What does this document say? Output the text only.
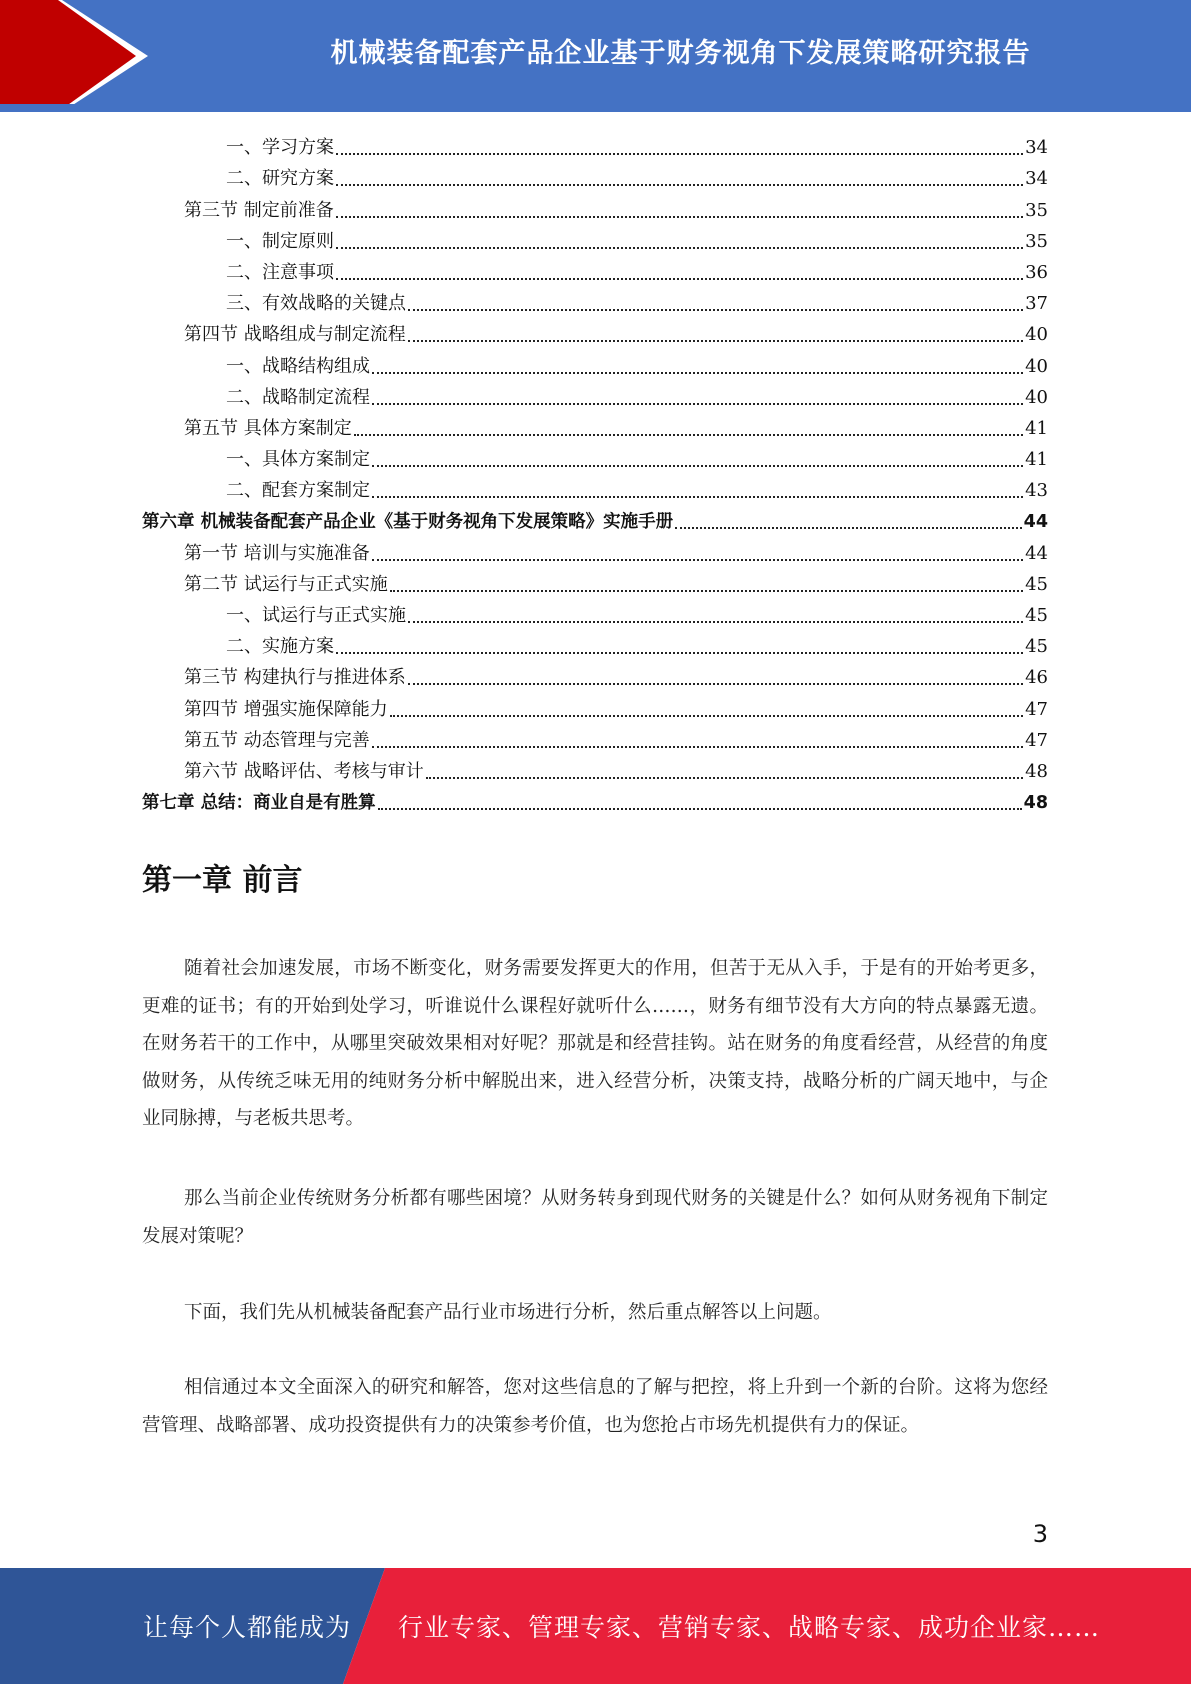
机械装备配套产品企业基于财务视角下发展策略研究报告
一、学习方案	34
二、研究方案	34
第三节 制定前准备	35
一、制定原则	35
二、注意事项	36
三、有效战略的关键点	37
第四节 战略组成与制定流程	40
一、战略结构组成	40
二、战略制定流程	40
第五节 具体方案制定	41
一、具体方案制定	41
二、配套方案制定	43
第六章 机械装备配套产品企业《基于财务视角下发展策略》实施手册	44
第一节 培训与实施准备	44
第二节 试运行与正式实施	45
一、试运行与正式实施	45
二、实施方案	45
第三节 构建执行与推进体系	46
第四节 增强实施保障能力	47
第五节 动态管理与完善	47
第六节 战略评估、考核与审计	48
第七章 总结：商业自是有胜算	48
第一章 前言
随着社会加速发展，市场不断变化，财务需要发挥更大的作用，但苦于无从入手，于是有的开始考更多，更难的证书；有的开始到处学习，听谁说什么课程好就听什么……，财务有细节没有大方向的特点暴露无遗。在财务若干的工作中，从哪里突破效果相对好呢？那就是和经营挂钩。站在财务的角度看经营，从经营的角度做财务，从传统乏味无用的纯财务分析中解脱出来，进入经营分析，决策支持，战略分析的广阔天地中，与企业同脉搏，与老板共思考。
那么当前企业传统财务分析都有哪些困境？从财务转身到现代财务的关键是什么？如何从财务视角下制定发展对策呢？
下面，我们先从机械装备配套产品行业市场进行分析，然后重点解答以上问题。
相信通过本文全面深入的研究和解答，您对这些信息的了解与把控，将上升到一个新的台阶。这将为您经营管理、战略部署、成功投资提供有力的决策参考价值，也为您抢占市场先机提供有力的保证。
3
让每个人都能成为 行业专家、管理专家、营销专家、战略专家、成功企业家……
